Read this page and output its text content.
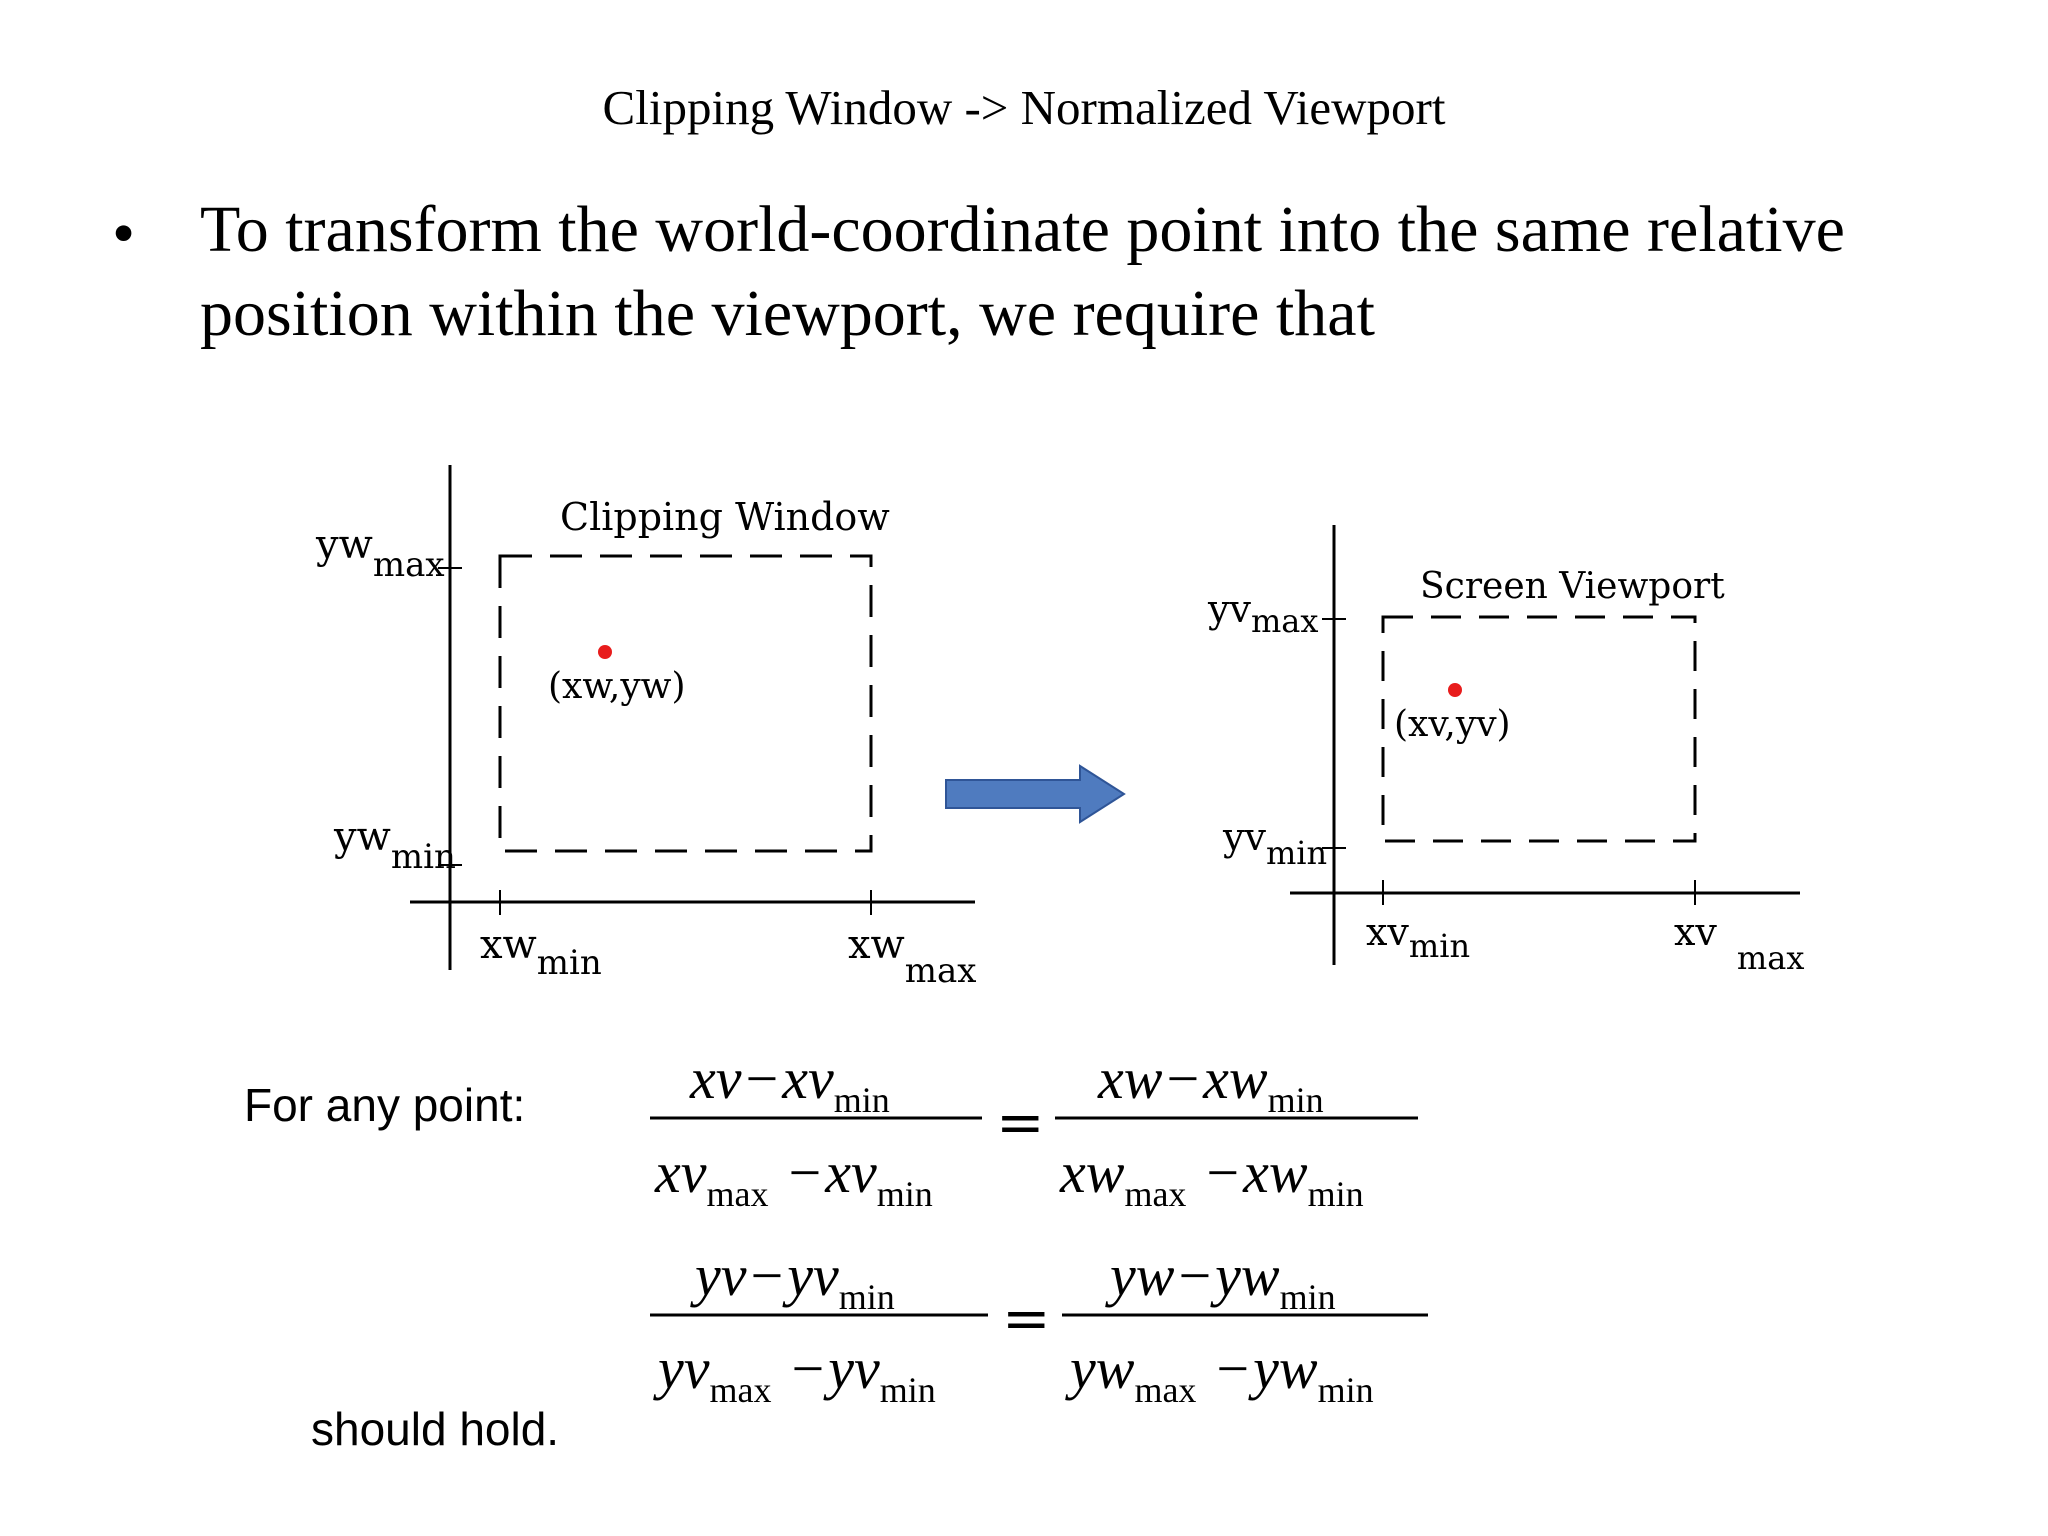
Clipping Window -> Normalized Viewport
• To transform the world-coordinate point into the same relative
position within the viewport, we require that
(xw,yw)
Clipping Window
$yw_{max}$
$yw_{min}$
$xw_{min}$	$xw_{max}$
(xv,yv)
Screen Viewport
$yv_{max}$
$yv_{min}$
$xv_{min}$	$xv_{max}$
For any point:
should hold.
$xv-xv_{min}$
$xv_{max} -xv_{min}$
=
$xw-xw_{min}$
$xw_{max} -xw_{min}$
$yv-yv_{min}$
$yv_{max} -yv_{min}$
=
$yw-yw_{min}$
$yw_{max} -yw_{min}$
